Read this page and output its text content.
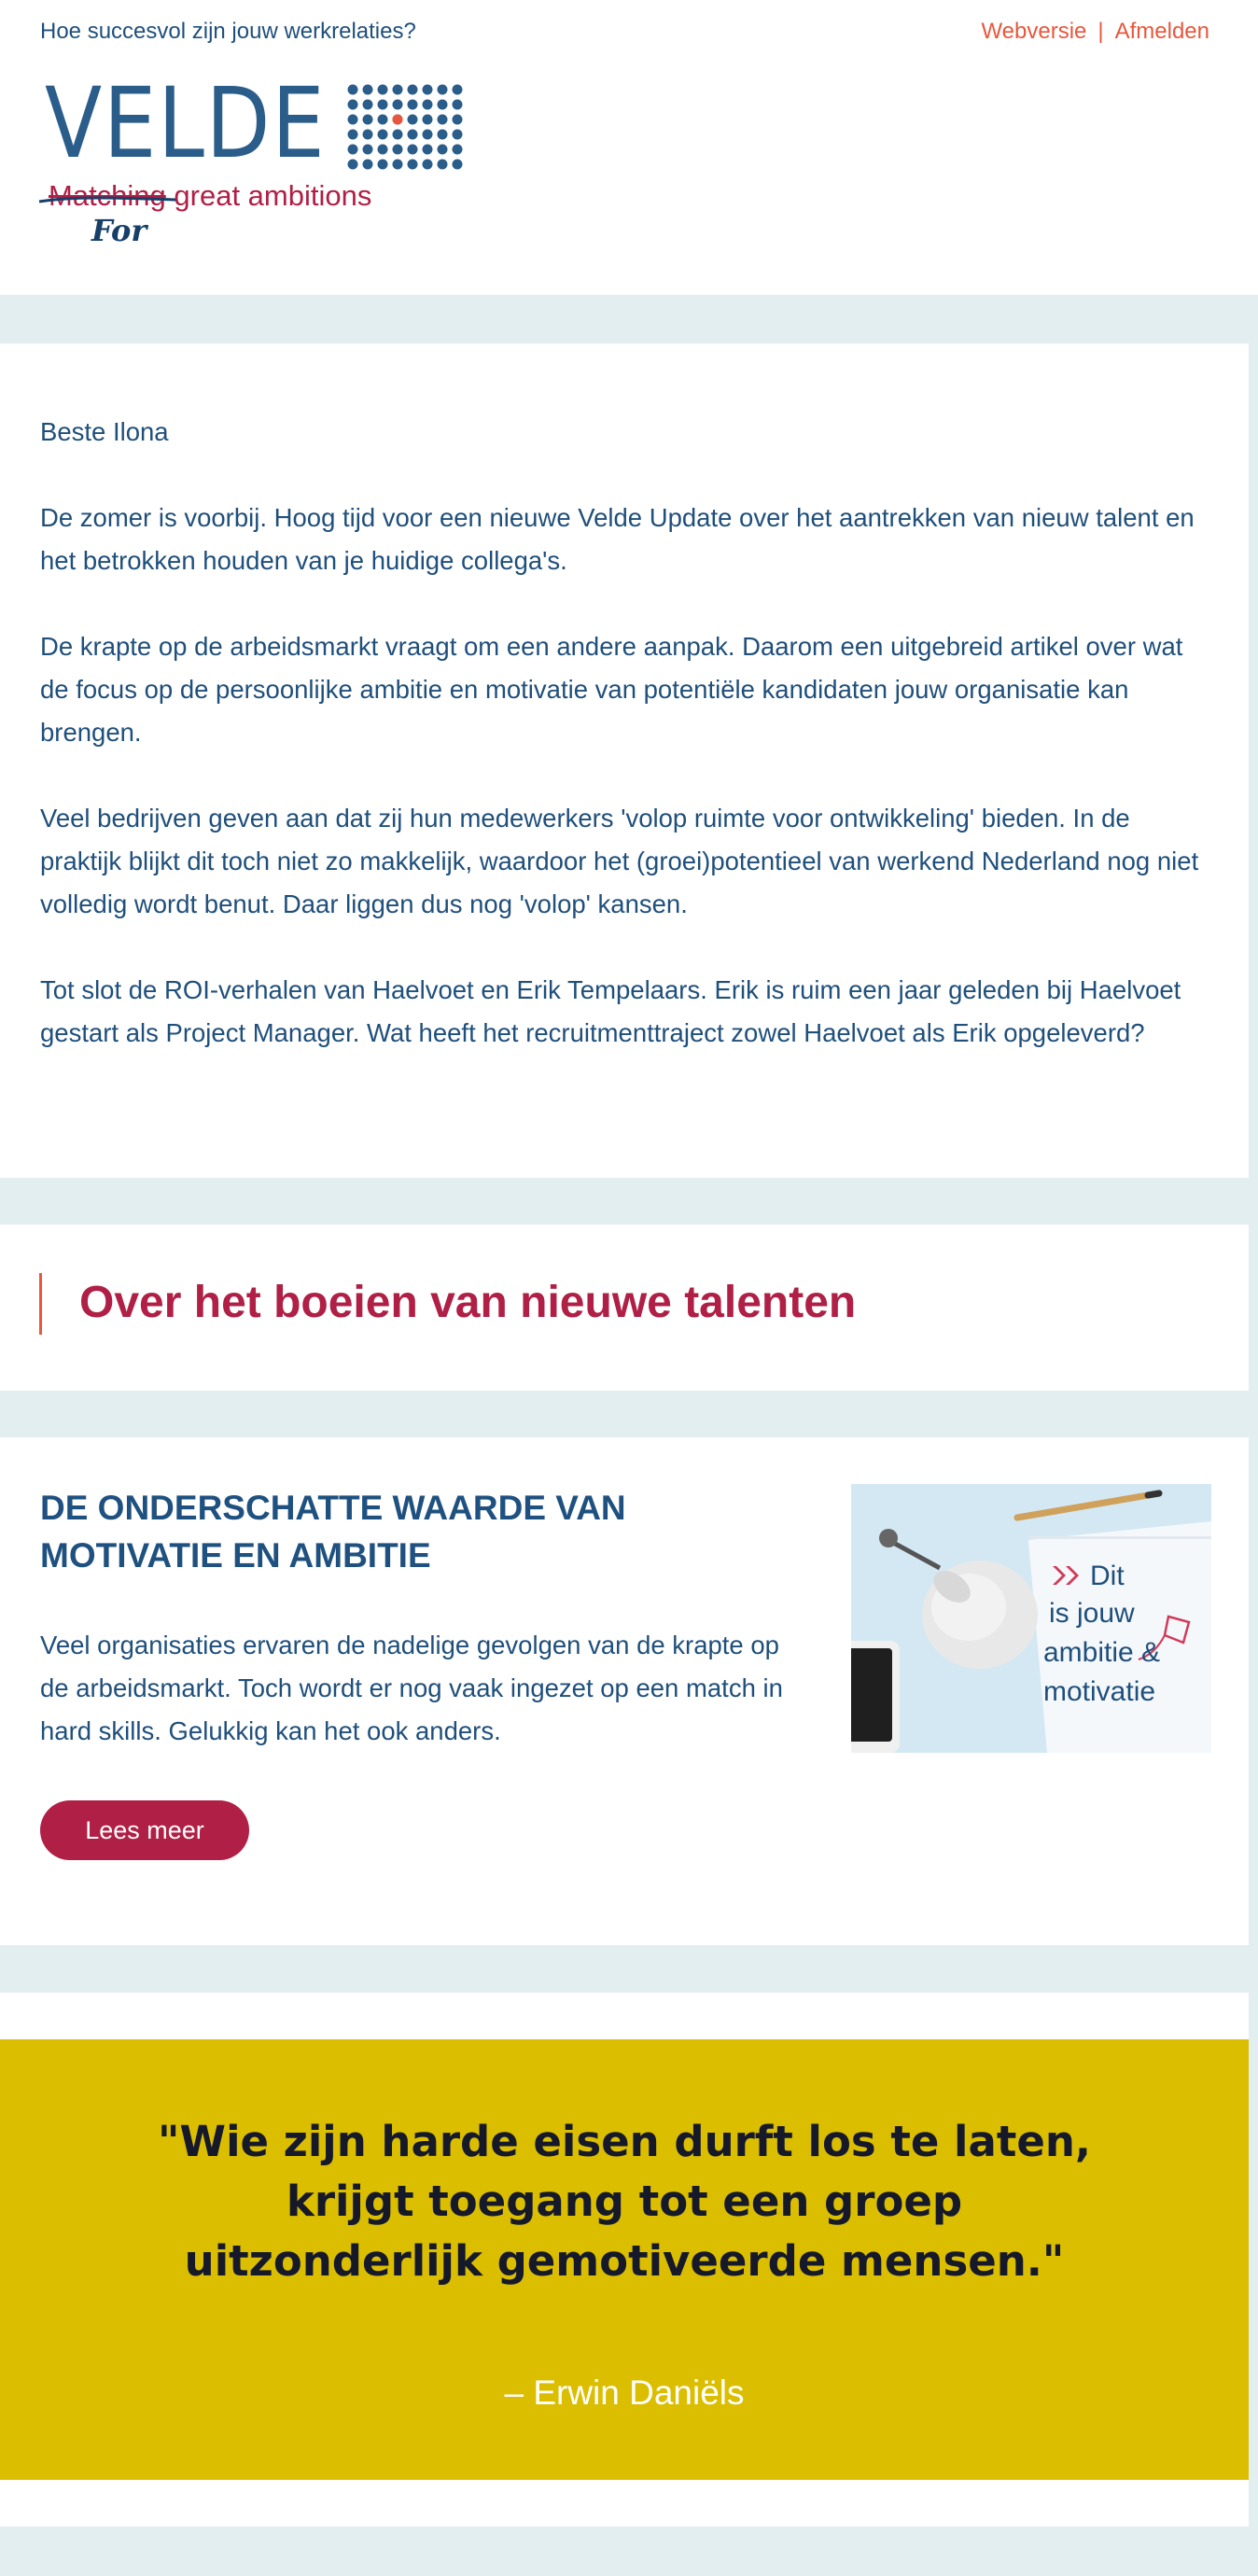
Hoe succesvol zijn jouw werkrelaties?	Webversie | Afmelden
VELDE
Matching great ambitions
For

Beste Ilona

De zomer is voorbij. Hoog tijd voor een nieuwe Velde Update over het aantrekken van nieuw talent en het betrokken houden van je huidige collega's.

De krapte op de arbeidsmarkt vraagt om een andere aanpak. Daarom een uitgebreid artikel over wat de focus op de persoonlijke ambitie en motivatie van potentiële kandidaten jouw organisatie kan brengen.

Veel bedrijven geven aan dat zij hun medewerkers 'volop ruimte voor ontwikkeling' bieden. In de praktijk blijkt dit toch niet zo makkelijk, waardoor het (groei)potentieel van werkend Nederland nog niet volledig wordt benut. Daar liggen dus nog 'volop' kansen.

Tot slot de ROI-verhalen van Haelvoet en Erik Tempelaars. Erik is ruim een jaar geleden bij Haelvoet gestart als Project Manager. Wat heeft het recruitmenttraject zowel Haelvoet als Erik opgeleverd?

Over het boeien van nieuwe talenten
DE ONDERSCHATTE WAARDE VAN MOTIVATIE EN AMBITIE
Veel organisaties ervaren de nadelige gevolgen van de krapte op de arbeidsmarkt. Toch wordt er nog vaak ingezet op een match in hard skills. Gelukkig kan het ook anders.
Lees meer
Dit
is jouw
ambitie &
motivatie
"Wie zijn harde eisen durft los te laten, krijgt toegang tot een groep uitzonderlijk gemotiveerde mensen."
– Erwin Daniëls
